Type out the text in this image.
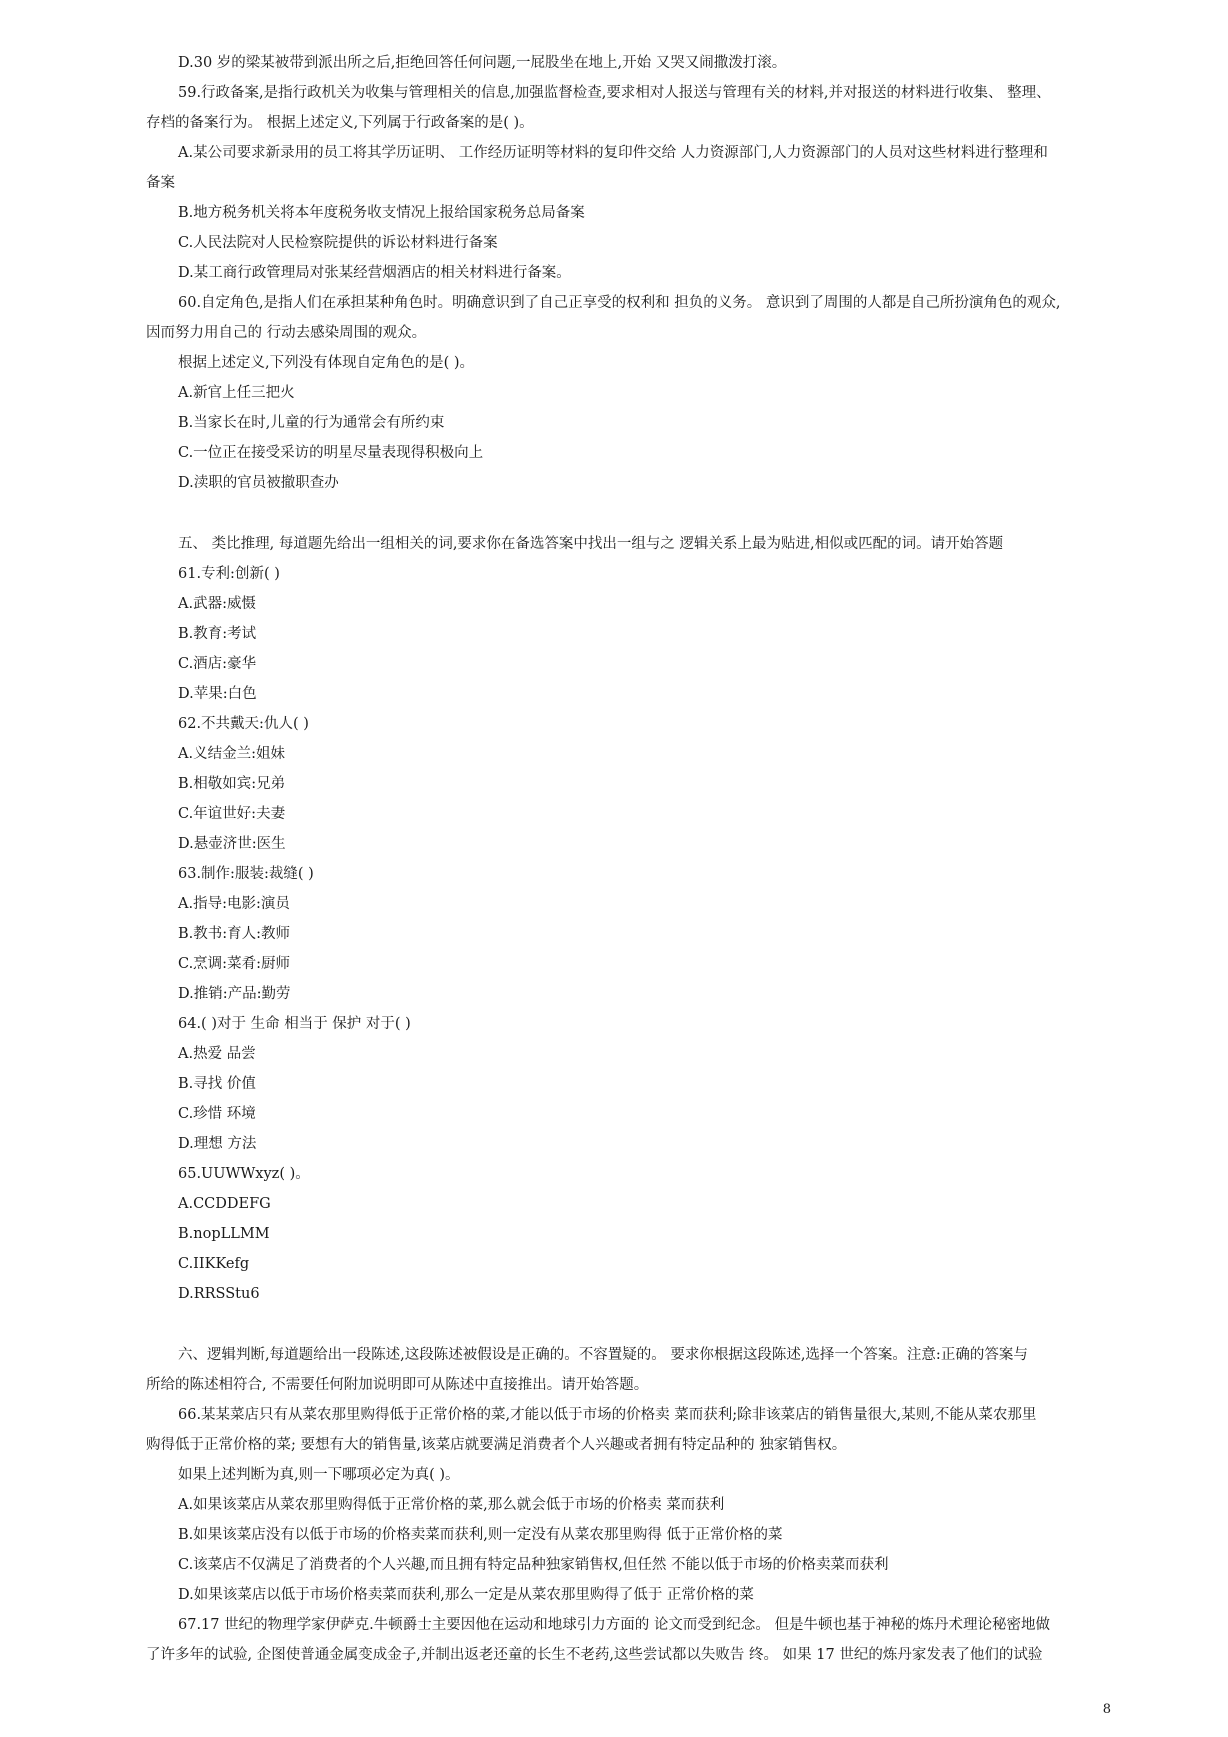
D.30 岁的梁某被带到派出所之后,拒绝回答任何问题,一屁股坐在地上,开始 又哭又闹撒泼打滚。
59.行政备案,是指行政机关为收集与管理相关的信息,加强监督检查,要求相对人报送与管理有关的材料,并对报送的材料进行收集、 整理、
存档的备案行为。 根据上述定义,下列属于行政备案的是( )。
A.某公司要求新录用的员工将其学历证明、 工作经历证明等材料的复印件交给 人力资源部门,人力资源部门的人员对这些材料进行整理和
备案
B.地方税务机关将本年度税务收支情况上报给国家税务总局备案
C.人民法院对人民检察院提供的诉讼材料进行备案
D.某工商行政管理局对张某经营烟酒店的相关材料进行备案。
60.自定角色,是指人们在承担某种角色时。明确意识到了自己正享受的权利和 担负的义务。 意识到了周围的人都是自己所扮演角色的观众,
因而努力用自己的 行动去感染周围的观众。
根据上述定义,下列没有体现自定角色的是( )。
A.新官上任三把火
B.当家长在时,儿童的行为通常会有所约束
C.一位正在接受采访的明星尽量表现得积极向上
D.渎职的官员被撤职查办
五、 类比推理, 每道题先给出一组相关的词,要求你在备选答案中找出一组与之 逻辑关系上最为贴进,相似或匹配的词。请开始答题
61.专利:创新( )
A.武器:威慑
B.教育:考试
C.酒店:豪华
D.苹果:白色
62.不共戴天:仇人( )
A.义结金兰:姐妹
B.相敬如宾:兄弟
C.年谊世好:夫妻
D.悬壶济世:医生
63.制作:服装:裁缝( )
A.指导:电影:演员
B.教书:育人:教师
C.烹调:菜肴:厨师
D.推销:产品:勤劳
64.( )对于 生命 相当于 保护 对于( )
A.热爱 品尝
B.寻找 价值
C.珍惜 环境
D.理想 方法
65.UUWWxyz( )。
A.CCDDEFG
B.nopLLMM
C.IIKKefg
D.RRSStu6
六、逻辑判断,每道题给出一段陈述,这段陈述被假设是正确的。不容置疑的。 要求你根据这段陈述,选择一个答案。注意:正确的答案与
所给的陈述相符合, 不需要任何附加说明即可从陈述中直接推出。请开始答题。
66.某某菜店只有从菜农那里购得低于正常价格的菜,才能以低于市场的价格卖 菜而获利;除非该菜店的销售量很大,某则,不能从菜农那里
购得低于正常价格的菜; 要想有大的销售量,该菜店就要满足消费者个人兴趣或者拥有特定品种的 独家销售权。
如果上述判断为真,则一下哪项必定为真( )。
A.如果该菜店从菜农那里购得低于正常价格的菜,那么就会低于市场的价格卖 菜而获利
B.如果该菜店没有以低于市场的价格卖菜而获利,则一定没有从菜农那里购得 低于正常价格的菜
C.该菜店不仅满足了消费者的个人兴趣,而且拥有特定品种独家销售权,但任然 不能以低于市场的价格卖菜而获利
D.如果该菜店以低于市场价格卖菜而获利,那么一定是从菜农那里购得了低于 正常价格的菜
67.17 世纪的物理学家伊萨克.牛顿爵士主要因他在运动和地球引力方面的 论文而受到纪念。 但是牛顿也基于神秘的炼丹术理论秘密地做
了许多年的试验, 企图使普通金属变成金子,并制出返老还童的长生不老药,这些尝试都以失败告 终。 如果 17 世纪的炼丹家发表了他们的试验
8
